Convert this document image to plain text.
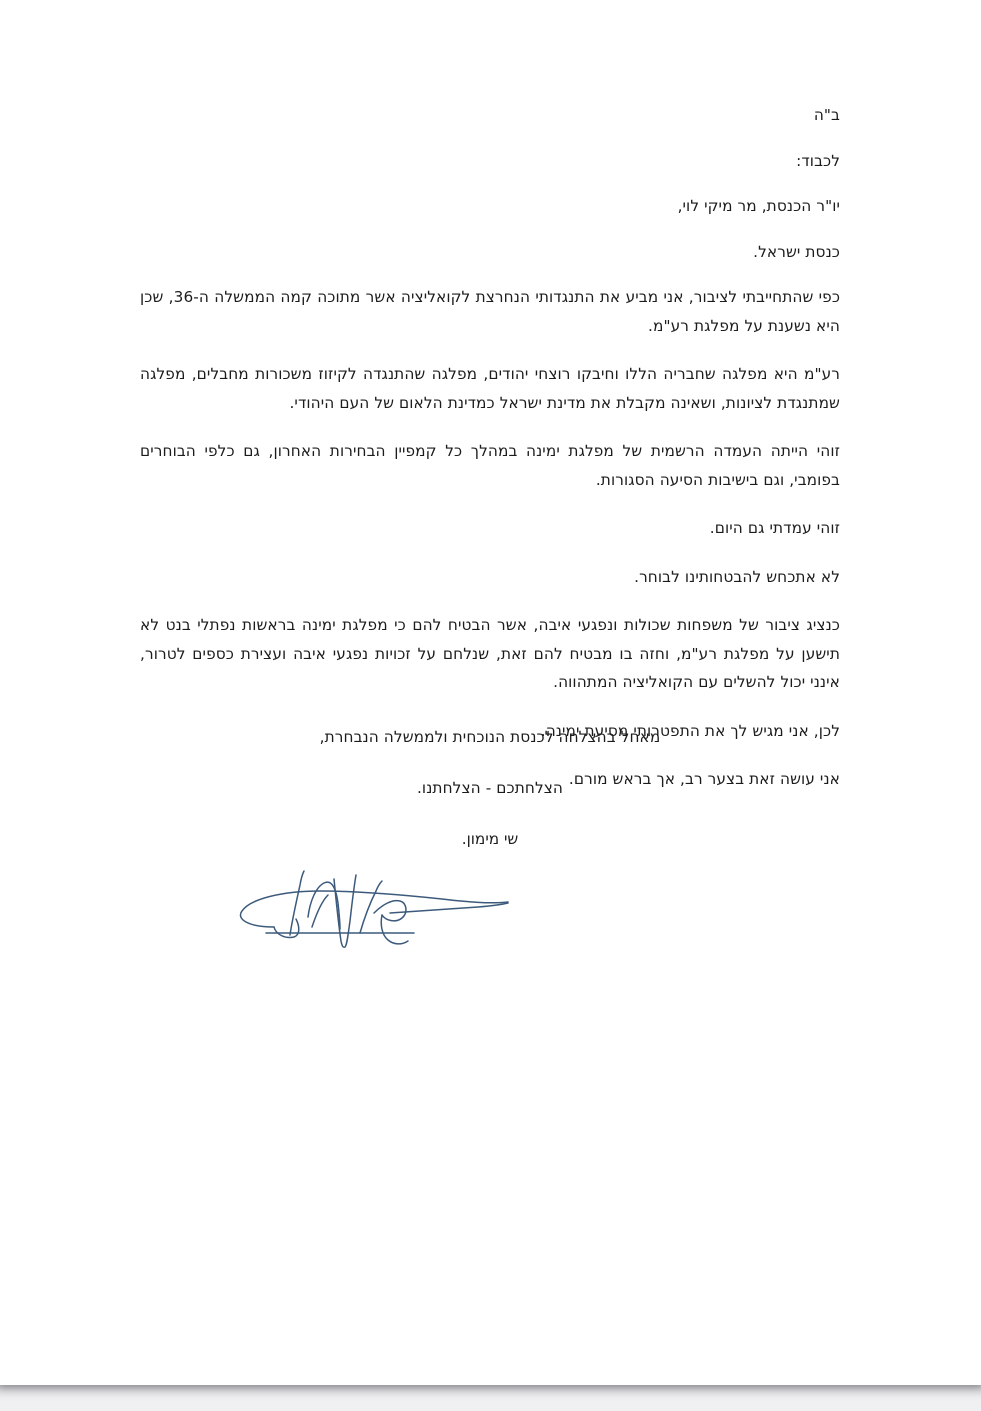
ב"ה
לכבוד:
יו"ר הכנסת, מר מיקי לוי,
כנסת ישראל.

כפי שהתחייבתי לציבור, אני מביע את התנגדותי הנחרצת לקואליציה אשר מתוכה קמה הממשלה ה-36, שכן היא נשענת על מפלגת רע"מ.

רע"מ היא מפלגה שחבריה הללו וחיבקו רוצחי יהודים, מפלגה שהתנגדה לקיזוז משכורות מחבלים, מפלגה שמתנגדת לציונות, ושאינה מקבלת את מדינת ישראל כמדינת הלאום של העם היהודי.

זוהי הייתה העמדה הרשמית של מפלגת ימינה במהלך כל קמפיין הבחירות האחרון, גם כלפי הבוחרים בפומבי, וגם בישיבות הסיעה הסגורות.

זוהי עמדתי גם היום.

לא אתכחש להבטחותינו לבוחר.

כנציג ציבור של משפחות שכולות ונפגעי איבה, אשר הבטיח להם כי מפלגת ימינה בראשות נפתלי בנט לא תישען על מפלגת רע"מ, וחזה בו מבטיח להם זאת, שנלחם על זכויות נפגעי איבה ועצירת כספים לטרור, אינני יכול להשלים עם הקואליציה המתהווה.

לכן, אני מגיש לך את התפטרותי מסיעת ימינה.

אני עושה זאת בצער רב, אך בראש מורם.

מאחל בהצלחה לכנסת הנוכחית ולממשלה הנבחרת,
הצלחתכם - הצלחתנו.
שי מימון.
